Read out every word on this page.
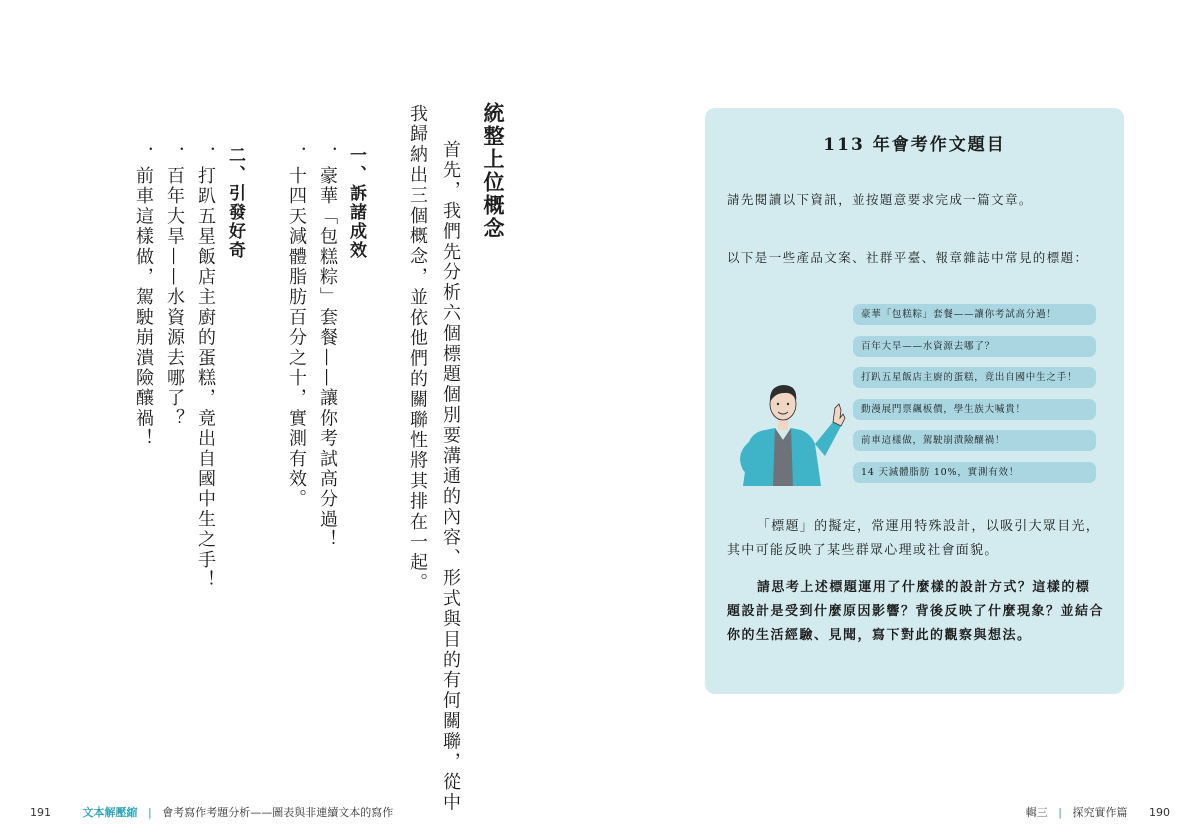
統整上位概念
首先，我們先分析六個標題個別要溝通的內容、形式與目的有何關聯，從中
我歸納出三個概念，並依他們的關聯性將其排在一起。
一、訴諸成效
．豪華「包糕粽」套餐——讓你考試高分過！
．十四天減體脂肪百分之十，實測有效。
二、引發好奇
．打趴五星飯店主廚的蛋糕，竟出自國中生之手！
．百年大旱——水資源去哪了？
．前車這樣做，駕駛崩潰險釀禍！
113 年會考作文題目
請先閱讀以下資訊，並按題意要求完成一篇文章。
以下是一些產品文案、社群平臺、報章雜誌中常見的標題：
豪華「包糕粽」套餐——讓你考試高分過！
百年大旱——水資源去哪了？
打趴五星飯店主廚的蛋糕，竟出自國中生之手！
動漫展門票飆板價，學生族大喊貴！
前車這樣做，駕駛崩潰險釀禍！
14 天減體脂肪 10%，實測有效！
「標題」的擬定，常運用特殊設計，以吸引大眾目光，其中可能反映了某些群眾心理或社會面貌。
請思考上述標題運用了什麼樣的設計方式？這樣的標題設計是受到什麼原因影響？背後反映了什麼現象？並結合你的生活經驗、見聞，寫下對此的觀察與想法。
191	文本解壓縮 | 會考寫作考題分析——圖表與非連續文本的寫作	輯三 | 探究實作篇 190
